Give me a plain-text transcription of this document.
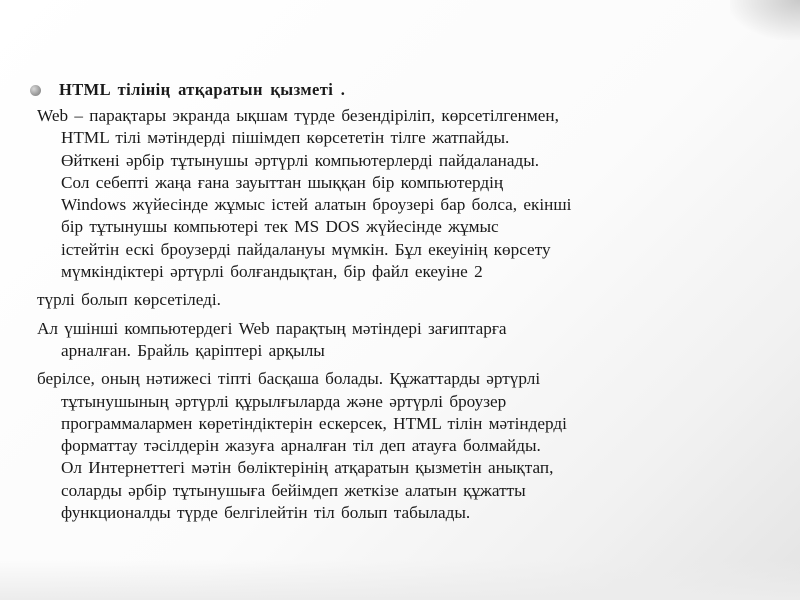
HTML тілінің атқаратын қызметі .
Web – парақтары экранда ықшам түрде безендіріліп, көрсетілгенмен,
HTML тілі мәтіндерді пішімдеп көрсететін тілге жатпайды.
Өйткені әрбір тұтынушы әртүрлі компьютерлерді пайдаланады.
Сол себепті жаңа ғана зауыттан шыққан бір компьютердің
Windows жүйесінде жұмыс істей алатын броузері бар болса, екінші
бір тұтынушы компьютері тек MS DOS жүйесінде жұмыс
істейтін ескі броузерді пайдалануы мүмкін. Бұл екеуінің көрсету
мүмкіндіктері әртүрлі болғандықтан, бір файл екеуіне 2
түрлі болып көрсетіледі.
Ал үшінші компьютердегі Web парақтың мәтіндері зағиптарға
арналған. Брайль қаріптері арқылы
берілсе, оның нәтижесі тіпті басқаша болады. Құжаттарды әртүрлі
тұтынушының әртүрлі құрылғыларда және әртүрлі броузер
программалармен көретіндіктерін ескерсек, HTML тілін мәтіндерді
форматтау тәсілдерін жазуға арналған тіл деп атауға болмайды.
Ол Интернеттегі мәтін бөліктерінің атқаратын қызметін анықтап,
соларды әрбір тұтынушыға бейімдеп жеткізе алатын құжатты
функционалды түрде белгілейтін тіл болып табылады.
